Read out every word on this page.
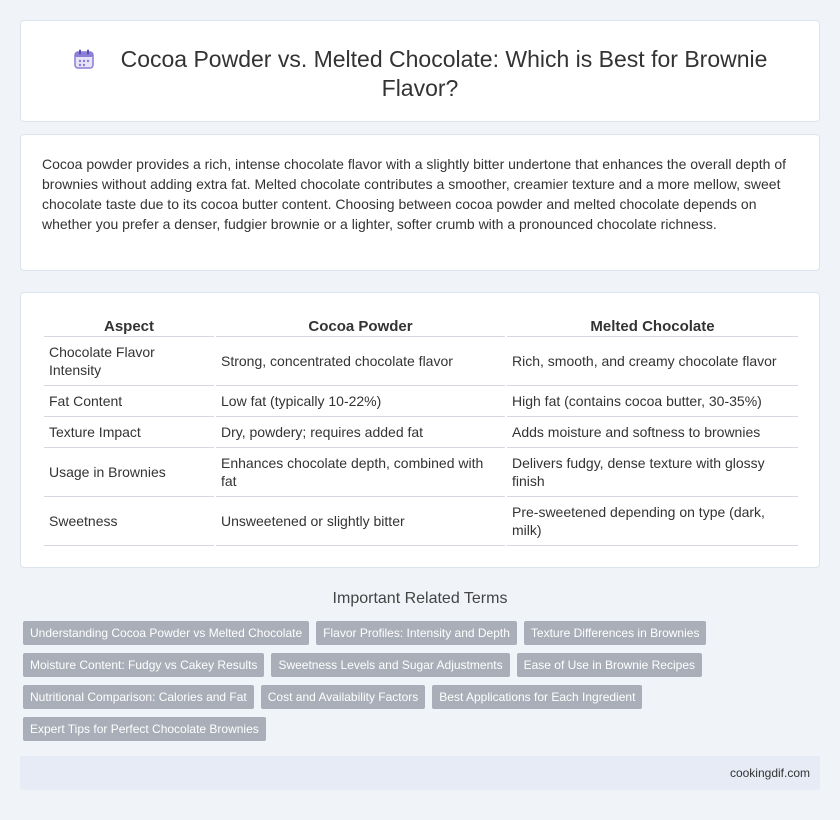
Cocoa Powder vs. Melted Chocolate: Which is Best for Brownie Flavor?

Cocoa powder provides a rich, intense chocolate flavor with a slightly bitter undertone that enhances the overall depth of brownies without adding extra fat. Melted chocolate contributes a smoother, creamier texture and a more mellow, sweet chocolate taste due to its cocoa butter content. Choosing between cocoa powder and melted chocolate depends on whether you prefer a denser, fudgier brownie or a lighter, softer crumb with a pronounced chocolate richness.

Aspect	Cocoa Powder	Melted Chocolate
Chocolate Flavor Intensity	Strong, concentrated chocolate flavor	Rich, smooth, and creamy chocolate flavor
Fat Content	Low fat (typically 10-22%)	High fat (contains cocoa butter, 30-35%)
Texture Impact	Dry, powdery; requires added fat	Adds moisture and softness to brownies
Usage in Brownies	Enhances chocolate depth, combined with fat	Delivers fudgy, dense texture with glossy finish
Sweetness	Unsweetened or slightly bitter	Pre-sweetened depending on type (dark, milk)
Important Related Terms
Understanding Cocoa Powder vs Melted Chocolate	Flavor Profiles: Intensity and Depth	Texture Differences in Brownies
Moisture Content: Fudgy vs Cakey Results	Sweetness Levels and Sugar Adjustments	Ease of Use in Brownie Recipes
Nutritional Comparison: Calories and Fat	Cost and Availability Factors	Best Applications for Each Ingredient
Expert Tips for Perfect Chocolate Brownies
cookingdif.com
